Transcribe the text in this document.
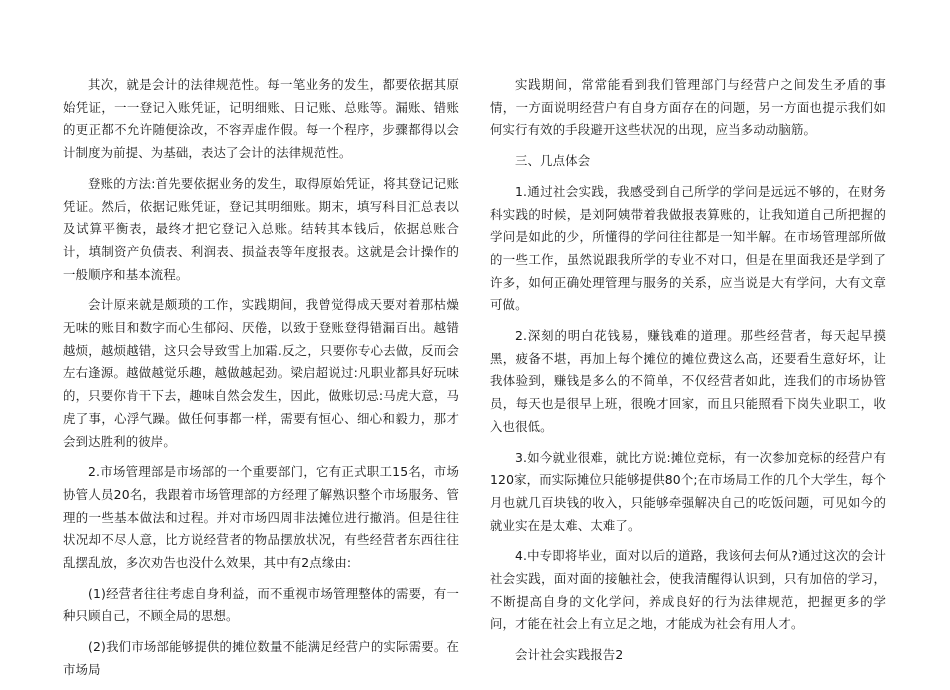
其次，就是会计的法律规范性。每一笔业务的发生，都要依据其原始凭证，一一登记入账凭证，记明细账、日记账、总账等。漏账、错账的更正都不允许随便涂改，不容弄虚作假。每一个程序，步骤都得以会计制度为前提、为基础，表达了会计的法律规范性。

登账的方法:首先要依据业务的发生，取得原始凭证，将其登记记账凭证。然后，依据记账凭证，登记其明细账。期末，填写科目汇总表以及试算平衡表，最终才把它登记入总账。结转其本钱后，依据总账合计，填制资产负债表、利润表、损益表等年度报表。这就是会计操作的一般顺序和基本流程。

会计原来就是颇琐的工作，实践期间，我曾觉得成天要对着那枯燥无味的账目和数字而心生郁闷、厌倦，以致于登账登得错漏百出。越错越烦，越烦越错，这只会导致雪上加霜.反之，只要你专心去做，反而会左右逢源。越做越觉乐趣，越做越起劲。梁启超说过:凡职业都具好玩味的，只要你肯干下去，趣味自然会发生，因此，做账切忌:马虎大意，马虎了事，心浮气躁。做任何事都一样，需要有恒心、细心和毅力，那才会到达胜利的彼岸。

2.市场管理部是市场部的一个重要部门，它有正式职工15名，市场协管人员20名，我跟着市场管理部的方经理了解熟识整个市场服务、管理的一些基本做法和过程。并对市场四周非法摊位进行撤消。但是往往状况却不尽人意，比方说经营者的物品摆放状况，有些经营者东西往往乱摆乱放，多次劝告也没什么效果，其中有2点缘由:

(1)经营者往往考虑自身利益，而不重视市场管理整体的需要，有一种只顾自己，不顾全局的思想。

(2)我们市场部能够提供的摊位数量不能满足经营户的实际需要。在市场局

实践期间，常常能看到我们管理部门与经营户之间发生矛盾的事情，一方面说明经营户有自身方面存在的问题，另一方面也提示我们如何实行有效的手段避开这些状况的出现，应当多动动脑筋。

三、几点体会

1.通过社会实践，我感受到自己所学的学问是远远不够的，在财务科实践的时候，是刘阿姨带着我做报表算账的，让我知道自己所把握的学问是如此的少，所懂得的学问往往都是一知半解。在市场管理部所做的一些工作，虽然说跟我所学的专业不对口，但是在里面我还是学到了许多，如何正确处理管理与服务的关系，应当说是大有学问，大有文章可做。

2.深刻的明白花钱易，赚钱难的道理。那些经营者，每天起早摸黑，疲备不堪，再加上每个摊位的摊位费这么高，还要看生意好坏，让我体验到，赚钱是多么的不简单，不仅经营者如此，连我们的市场协管员，每天也是很早上班，很晚才回家，而且只能照看下岗失业职工，收入也很低。

3.如今就业很难，就比方说:摊位竞标，有一次参加竞标的经营户有120家，而实际摊位只能够提供80个;在市场局工作的几个大学生，每个月也就几百块钱的收入，只能够牵强解决自己的吃饭问题，可见如今的就业实在是太难、太难了。

4.中专即将毕业，面对以后的道路，我该何去何从?通过这次的会计社会实践，面对面的接触社会，使我清醒得认识到，只有加倍的学习，不断提高自身的文化学问，养成良好的行为法律规范，把握更多的学问，才能在社会上有立足之地，才能成为社会有用人才。

会计社会实践报告2
